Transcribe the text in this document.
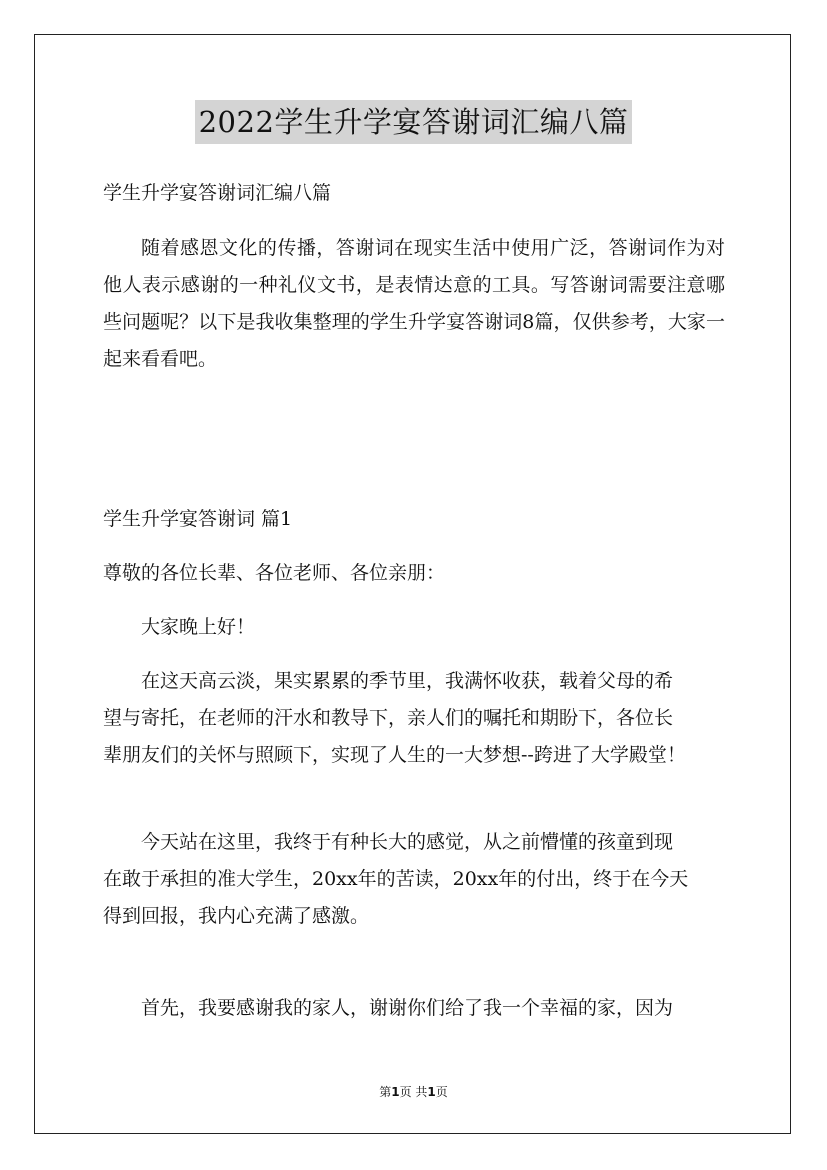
2022学生升学宴答谢词汇编八篇

学生升学宴答谢词汇编八篇

随着感恩文化的传播，答谢词在现实生活中使用广泛，答谢词作为对他人表示感谢的一种礼仪文书，是表情达意的工具。写答谢词需要注意哪些问题呢？以下是我收集整理的学生升学宴答谢词8篇，仅供参考，大家一起来看看吧。

学生升学宴答谢词 篇1

尊敬的各位长辈、各位老师、各位亲朋：

大家晚上好！

在这天高云淡，果实累累的季节里，我满怀收获，载着父母的希
望与寄托，在老师的汗水和教导下，亲人们的嘱托和期盼下，各位长
辈朋友们的关怀与照顾下，实现了人生的一大梦想--跨进了大学殿堂！
今天站在这里，我终于有种长大的感觉，从之前懵懂的孩童到现
在敢于承担的准大学生，20xx年的苦读，20xx年的付出，终于在今天
得到回报，我内心充满了感激。

首先，我要感谢我的家人，谢谢你们给了我一个幸福的家，因为

第1页 共1页
